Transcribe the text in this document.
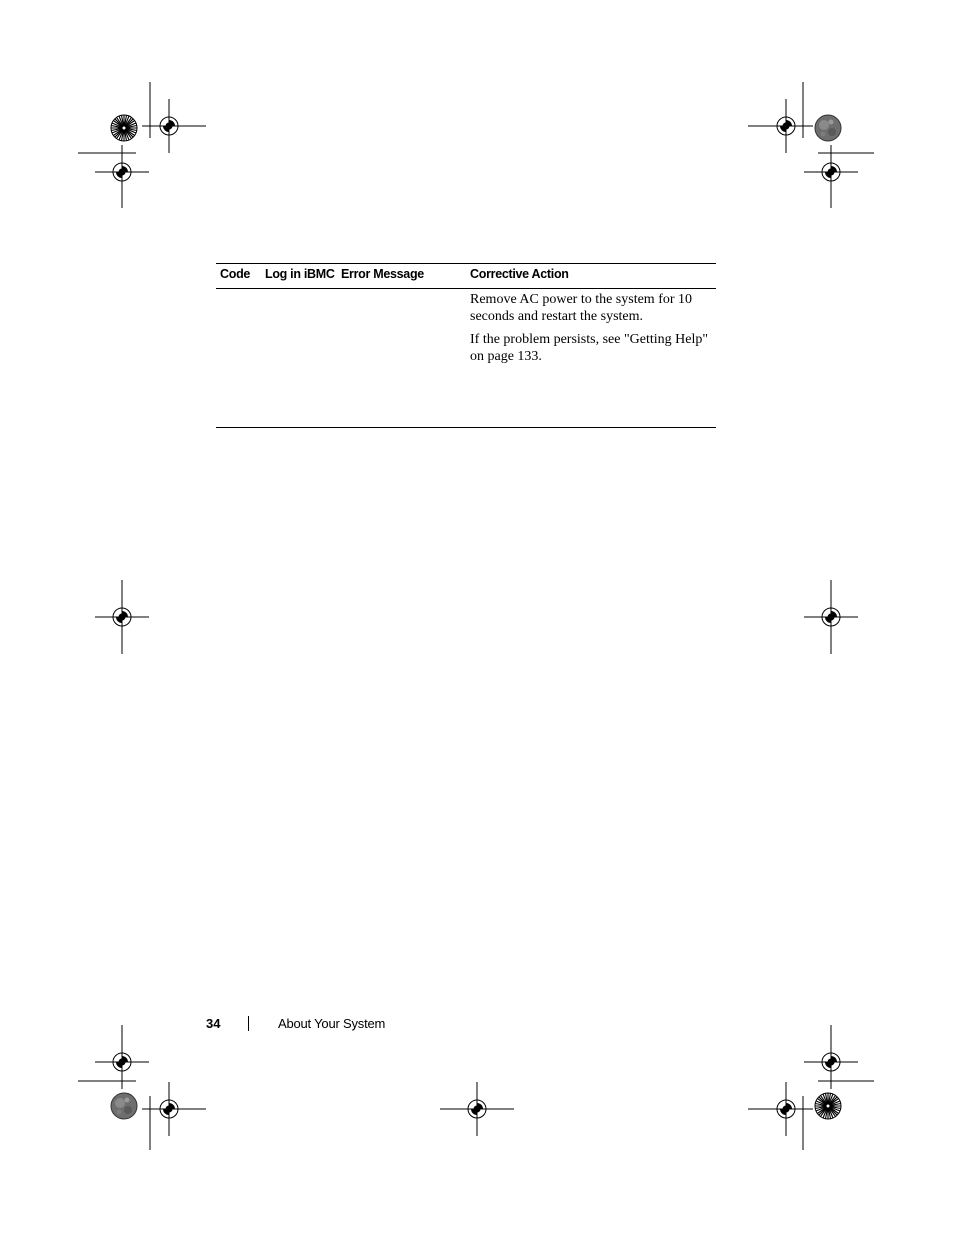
Code Log in iBMC Error Message	Corrective Action

Remove AC power to the system for 10 seconds and restart the system.

If the problem persists, see "Getting Help" on page 133.

34	About Your System
